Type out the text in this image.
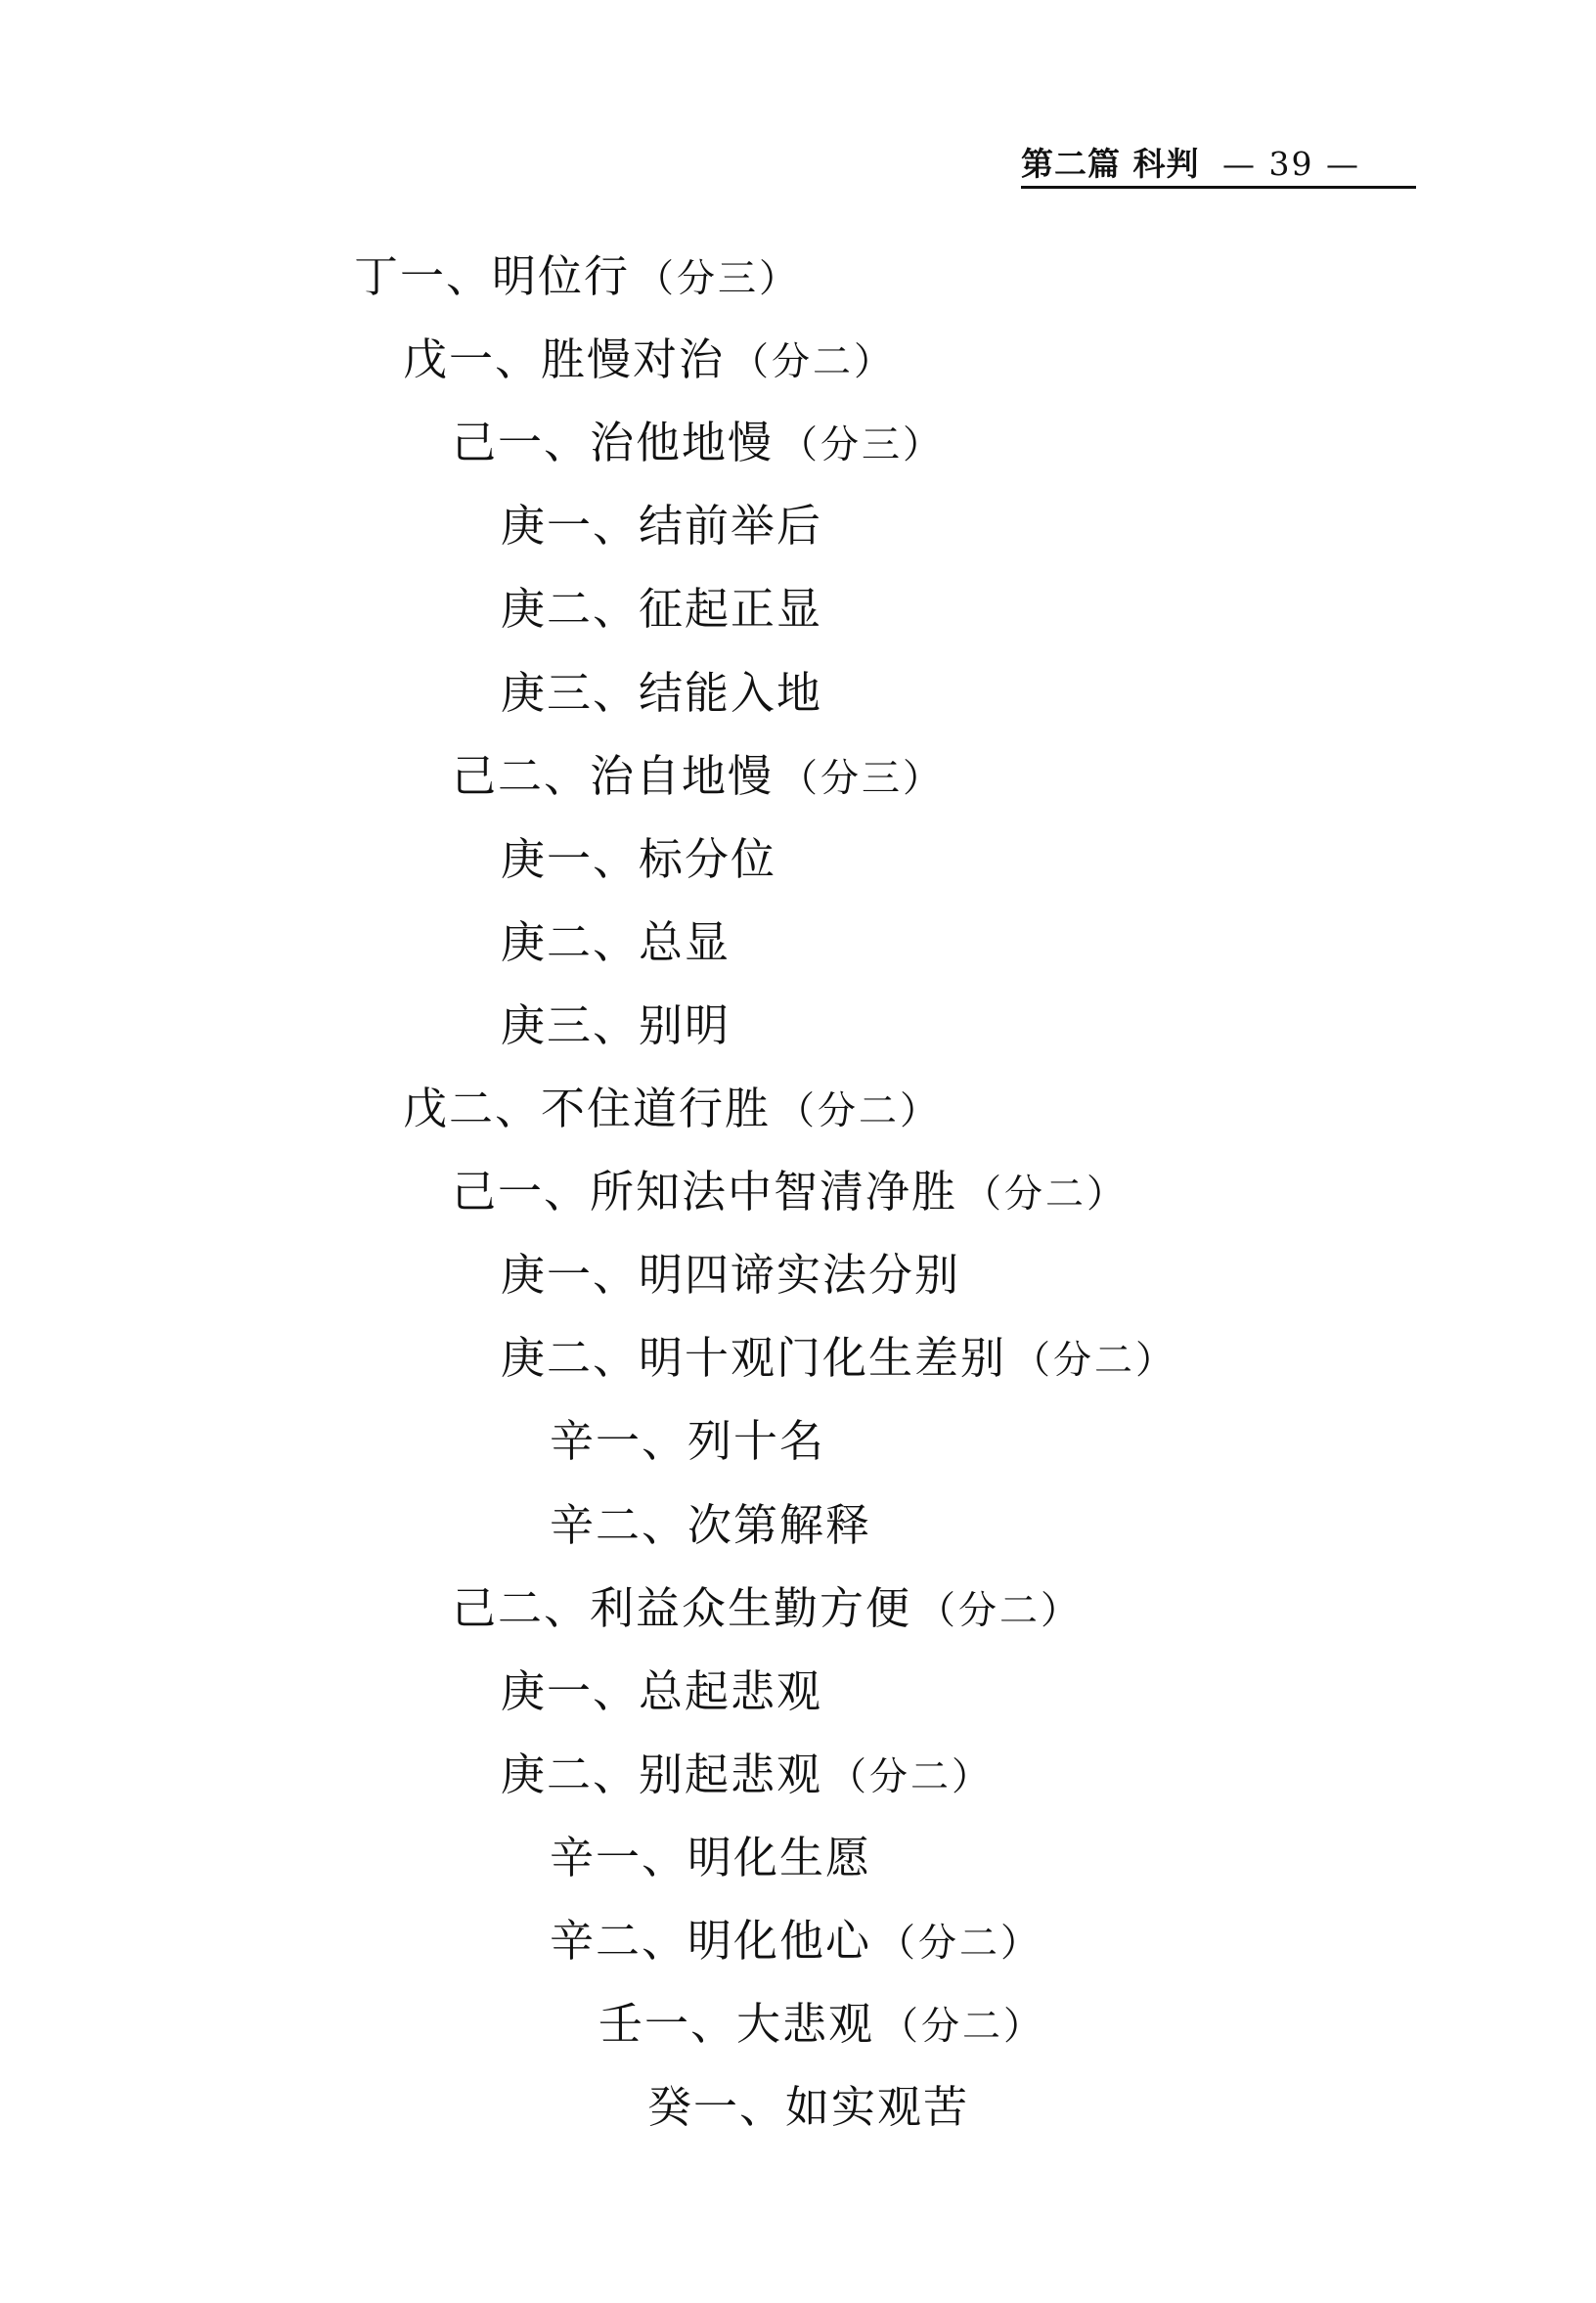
第二篇 科判 — 39 —
丁一、明位行 （分三）
戊一、胜慢对治 （分二）
己一、治他地慢 （分三）
庚一、结前举后
庚二、征起正显
庚三、结能入地
己二、治自地慢 （分三）
庚一、标分位
庚二、总显
庚三、别明
戊二、不住道行胜 （分二）
己一、所知法中智清净胜 （分二）
庚一、明四谛实法分别
庚二、明十观门化生差别 （分二）
辛一、列十名
辛二、次第解释
己二、利益众生勤方便 （分二）
庚一、总起悲观
庚二、别起悲观 （分二）
辛一、明化生愿
辛二、明化他心 （分二）
壬一、大悲观 （分二）
癸一、如实观苦
